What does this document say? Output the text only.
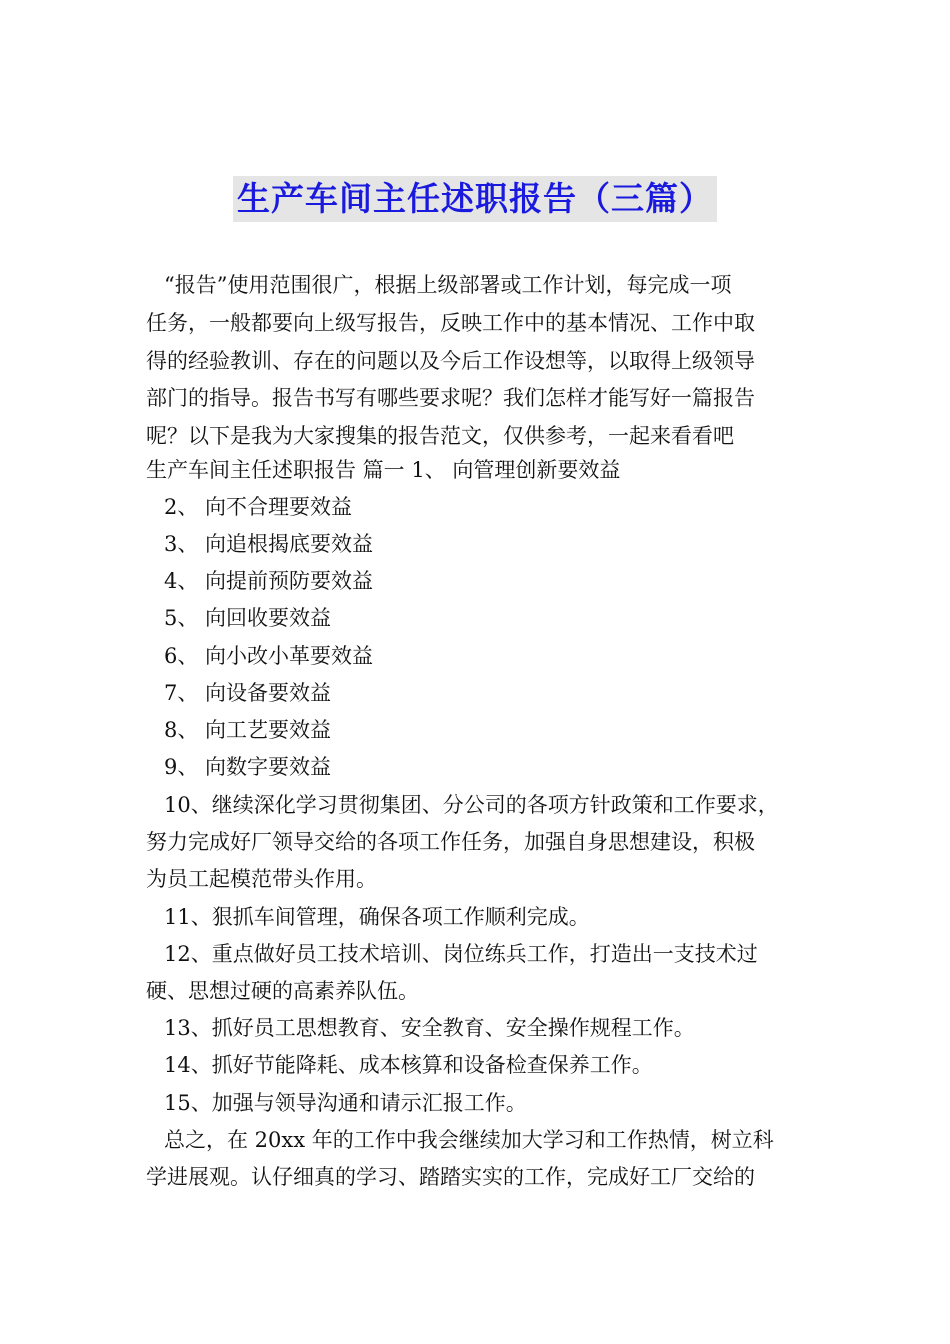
生产车间主任述职报告（三篇）
“报告”使用范围很广，根据上级部署或工作计划，每完成一项
任务，一般都要向上级写报告，反映工作中的基本情况、工作中取
得的经验教训、存在的问题以及今后工作设想等，以取得上级领导
部门的指导。报告书写有哪些要求呢？我们怎样才能写好一篇报告
呢？以下是我为大家搜集的报告范文，仅供参考，一起来看看吧
生产车间主任述职报告 篇一 1、 向管理创新要效益
2、 向不合理要效益
3、 向追根揭底要效益
4、 向提前预防要效益
5、 向回收要效益
6、 向小改小革要效益
7、 向设备要效益
8、 向工艺要效益
9、 向数字要效益
10、继续深化学习贯彻集团、分公司的各项方针政策和工作要求，
努力完成好厂领导交给的各项工作任务，加强自身思想建设，积极
为员工起模范带头作用。
11、狠抓车间管理，确保各项工作顺利完成。
12、重点做好员工技术培训、岗位练兵工作，打造出一支技术过
硬、思想过硬的高素养队伍。
13、抓好员工思想教育、安全教育、安全操作规程工作。
14、抓好节能降耗、成本核算和设备检查保养工作。
15、加强与领导沟通和请示汇报工作。
总之，在 20xx 年的工作中我会继续加大学习和工作热情，树立科
学进展观。认仔细真的学习、踏踏实实的工作，完成好工厂交给的
